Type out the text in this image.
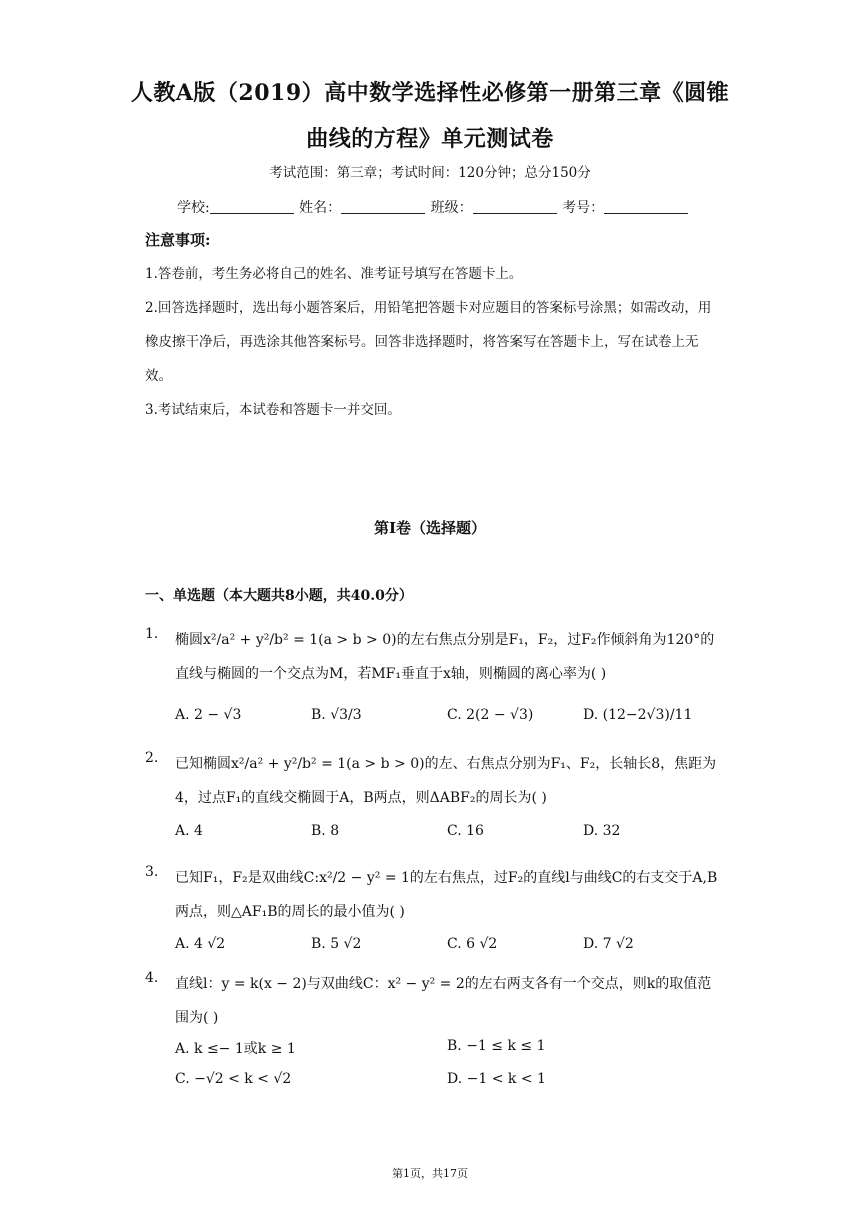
人教A版（2019）高中数学选择性必修第一册第三章《圆锥曲线的方程》单元测试卷
考试范围：第三章；考试时间：120分钟；总分150分
学校:	姓名：	班级：	考号：
注意事项:
1.答卷前，考生务必将自己的姓名、准考证号填写在答题卡上。
2.回答选择题时，选出每小题答案后，用铅笔把答题卡对应题目的答案标号涂黑；如需改动，用橡皮擦干净后，再选涂其他答案标号。回答非选择题时，将答案写在答题卡上，写在试卷上无效。
3.考试结束后，本试卷和答题卡一并交回。
第I卷（选择题）
一、单选题（本大题共8小题，共40.0分）
1. 椭圆x²/a² + y²/b² = 1(a > b > 0)的左右焦点分别是F₁，F₂，过F₂作倾斜角为120°的直线与椭圆的一个交点为M，若MF₁垂直于x轴，则椭圆的离心率为( )
A. 2 − √3	B. √3/3	C. 2(2 − √3)	D. (12−2√3)/11
2. 已知椭圆x²/a² + y²/b² = 1(a > b > 0)的左、右焦点分别为F₁、F₂，长轴长8，焦距为4，过点F₁的直线交椭圆于A，B两点，则ΔABF₂的周长为( )
A. 4	B. 8	C. 16	D. 32
3. 已知F₁，F₂是双曲线C:x²/2 − y² = 1的左右焦点，过F₂的直线l与曲线C的右支交于A,B两点，则△AF₁B的周长的最小值为( )
A. 4 √2	B. 5 √2	C. 6 √2	D. 7 √2
4. 直线l：y = k(x − 2)与双曲线C：x² − y² = 2的左右两支各有一个交点，则k的取值范围为( )
A. k ≤− 1或k ≥ 1	B. −1 ≤ k ≤ 1
C. −√2 < k < √2	D. −1 < k < 1
第1页，共17页
